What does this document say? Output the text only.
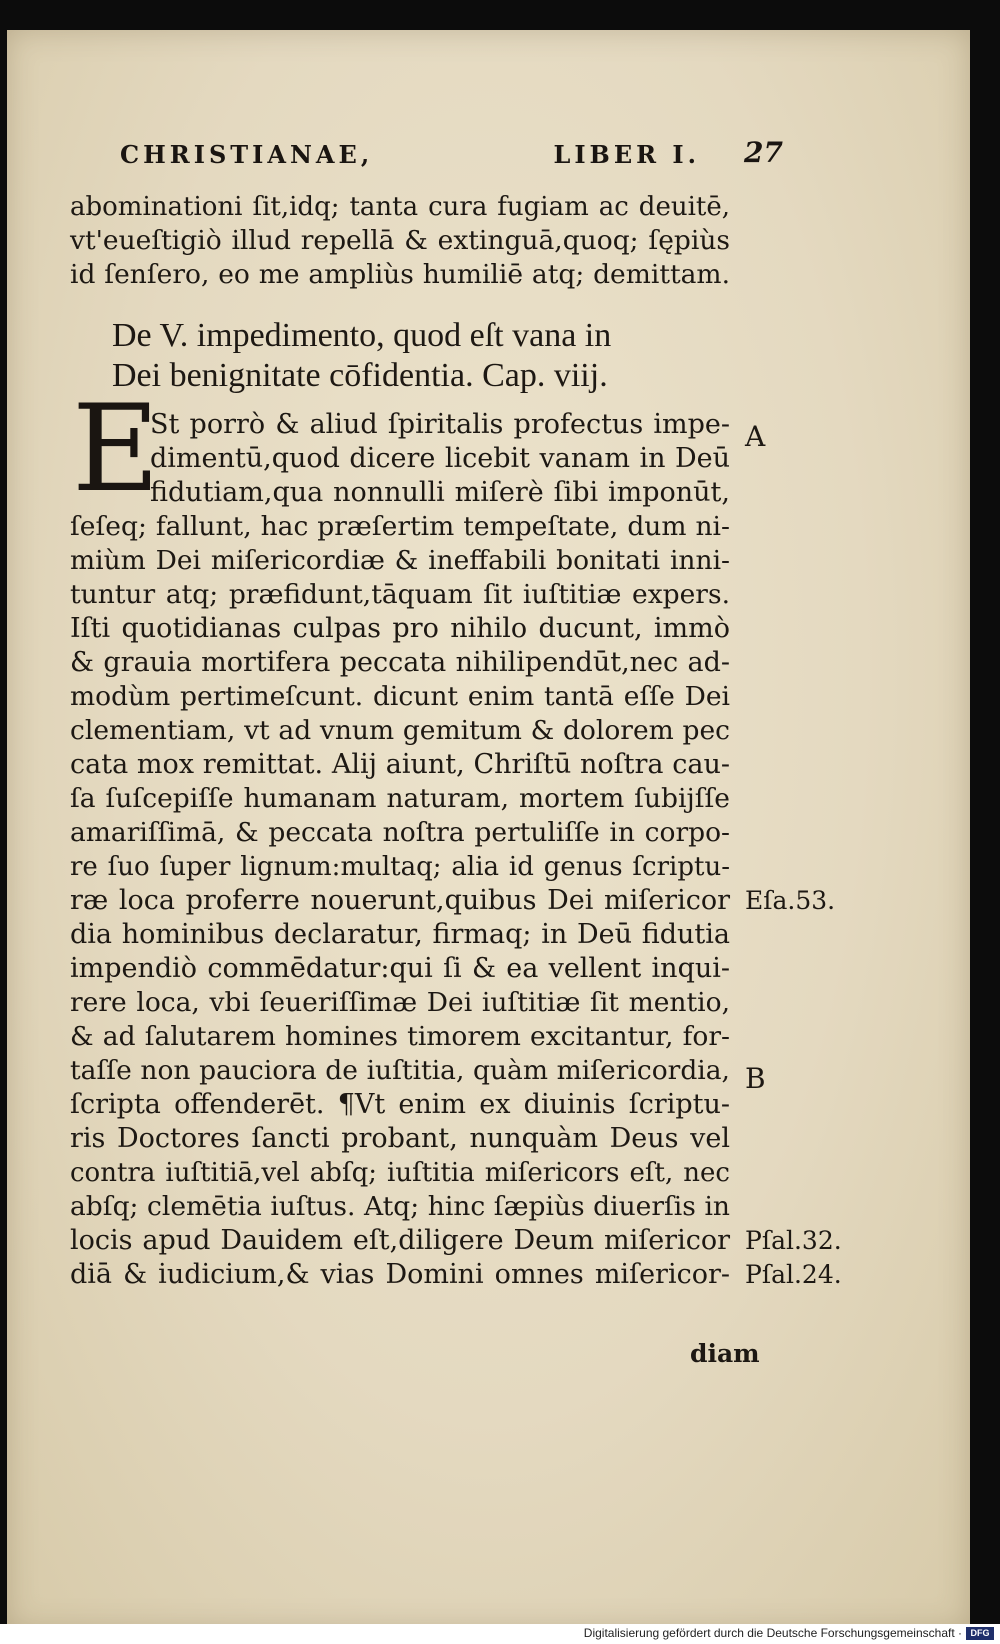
CHRISTIANAE,	LIBER I. 27
abominationi ſit,idq; tanta cura fugiam ac deuitē,
vt'eueſtigiò illud repellā & extinguā,quoq; ſępiùs
id ſenſero, eo me ampliùs humiliē atq; demittam.
De V. impedimento, quod eſt vana in
Dei benignitate cōfidentia. Cap. viij.
E
St porrò & aliud ſpiritalis profectus impe-
dimentū,quod dicere licebit vanam in Deū
fidutiam,qua nonnulli miſerè ſibi imponūt,
ſeſeq; fallunt, hac præſertim tempeſtate, dum ni-
miùm Dei miſericordiæ & ineffabili bonitati inni-
tuntur atq; præfidunt,tāquam ſit iuſtitiæ expers.
Iſti quotidianas culpas pro nihilo ducunt, immò
& grauia mortifera peccata nihilipendūt,nec ad-
modùm pertimeſcunt. dicunt enim tantā eſſe Dei
clementiam, vt ad vnum gemitum & dolorem pec
cata mox remittat. Alij aiunt, Chriſtū noſtra cau-
ſa ſuſcepiſſe humanam naturam, mortem ſubijſſe
amariſſimā, & peccata noſtra pertuliſſe in corpo-
re ſuo ſuper lignum:multaq; alia id genus ſcriptu-
ræ loca proferre nouerunt,quibus Dei miſericor
dia hominibus declaratur, firmaq; in Deū fidutia
impendiò commēdatur:qui ſi & ea vellent inqui-
rere loca, vbi ſeueriſſimæ Dei iuſtitiæ ſit mentio,
& ad ſalutarem homines timorem excitantur, for-
taſſe non pauciora de iuſtitia, quàm miſericordia,
ſcripta offenderēt. ¶Vt enim ex diuinis ſcriptu-
ris Doctores ſancti probant, nunquàm Deus vel
contra iuſtitiā,vel abſq; iuſtitia miſericors eſt, nec
abſq; clemētia iuſtus. Atq; hinc ſæpiùs diuerſis in
locis apud Dauidem eſt,diligere Deum miſericor
diā & iudicium,& vias Domini omnes miſericor-
diam
A
Eſa.53.
B
Pſal.32.
Pſal.24.
Digitalisierung gefördert durch die Deutsche Forschungsgemeinschaft · DFG
